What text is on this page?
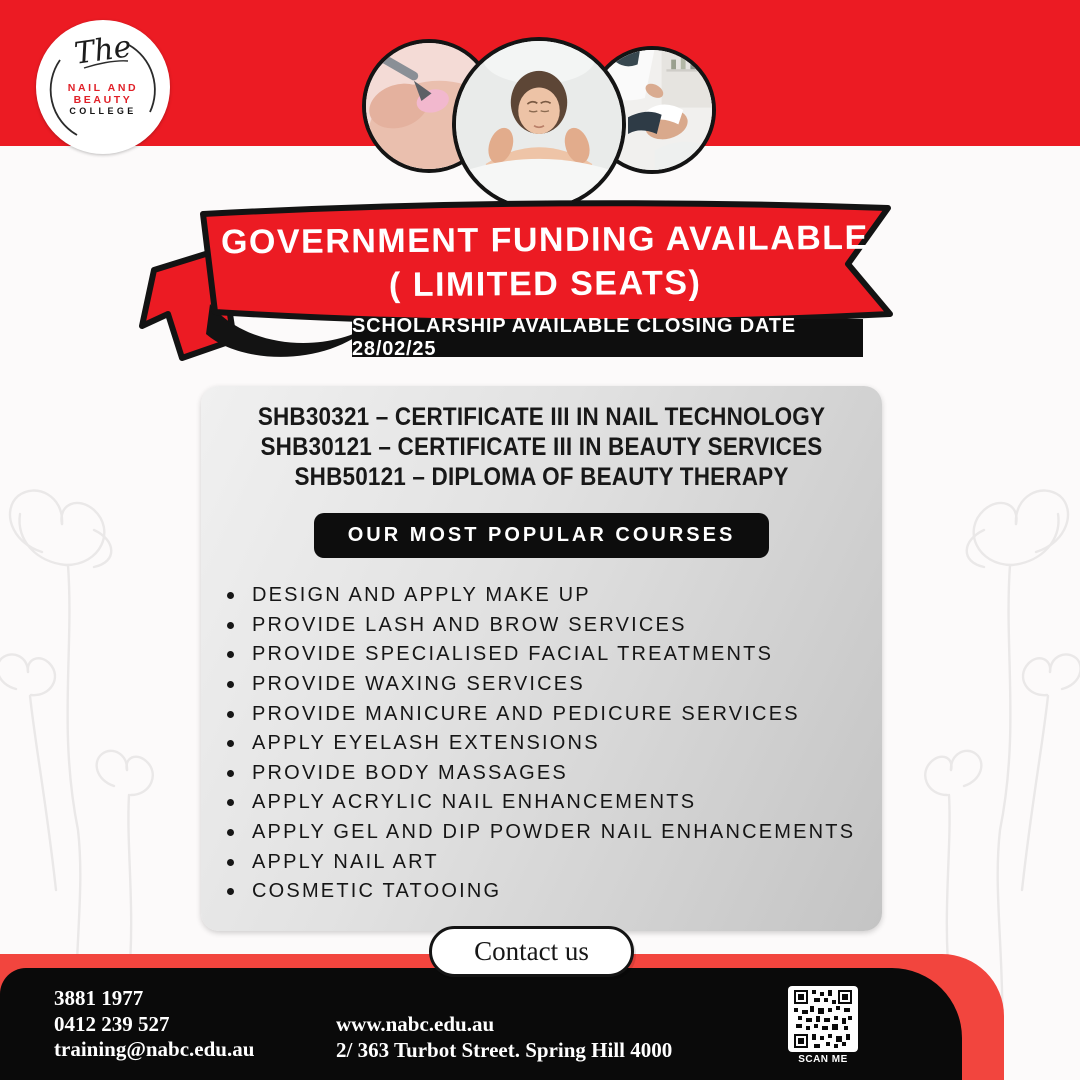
The
NAIL AND BEAUTY
COLLEGE
GOVERNMENT FUNDING AVAILABLE
( LIMITED SEATS)
SCHOLARSHIP AVAILABLE CLOSING DATE 28/02/25
SHB30321 – CERTIFICATE III IN NAIL TECHNOLOGY
SHB30121 – CERTIFICATE III IN BEAUTY SERVICES
SHB50121 – DIPLOMA OF BEAUTY THERAPY
OUR MOST POPULAR COURSES
DESIGN AND APPLY MAKE UP
PROVIDE LASH AND BROW SERVICES
PROVIDE SPECIALISED FACIAL TREATMENTS
PROVIDE WAXING SERVICES
PROVIDE MANICURE AND PEDICURE SERVICES
APPLY EYELASH EXTENSIONS
PROVIDE BODY MASSAGES
APPLY ACRYLIC NAIL ENHANCEMENTS
APPLY GEL AND DIP POWDER NAIL ENHANCEMENTS
APPLY NAIL ART
COSMETIC TATOOING
Contact us
3881 1977
0412 239 527
training@nabc.edu.au
www.nabc.edu.au
2/ 363 Turbot Street. Spring Hill 4000	SCAN ME
